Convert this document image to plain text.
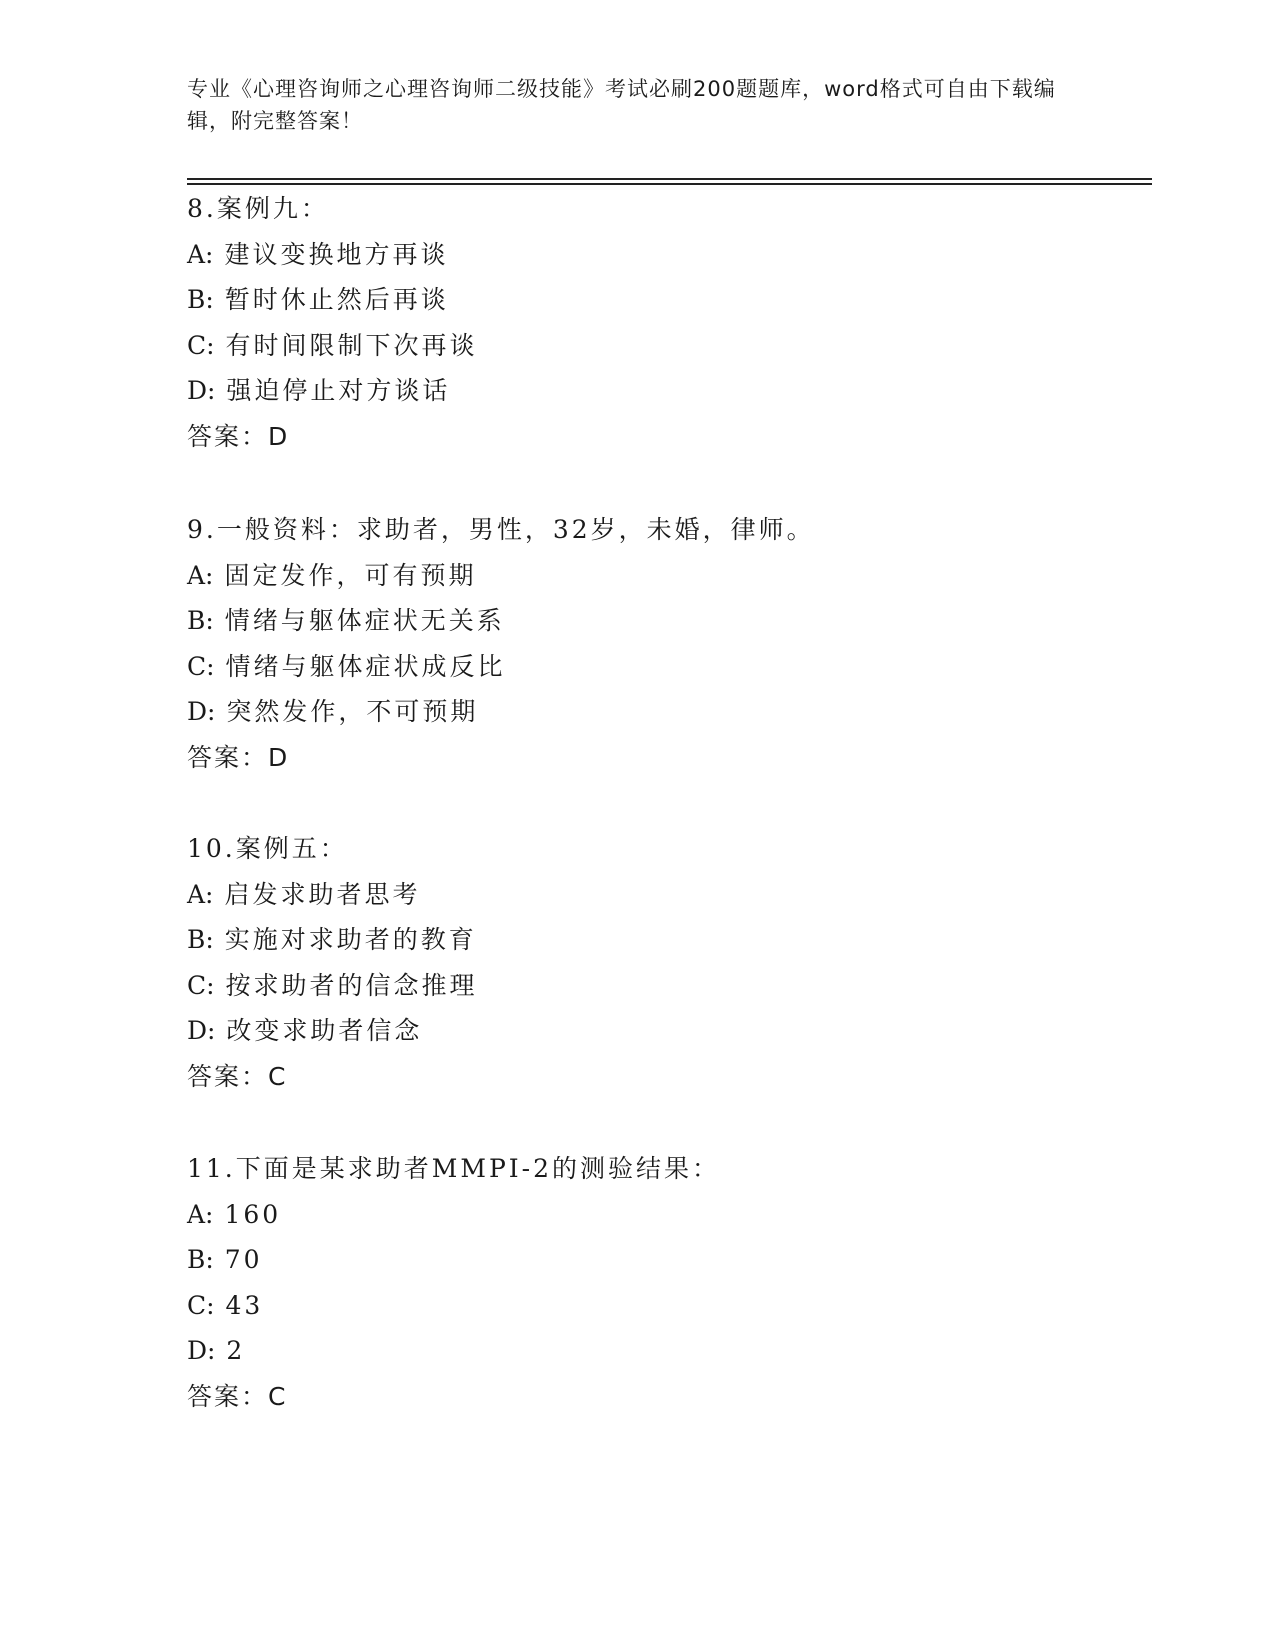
专业《心理咨询师之心理咨询师二级技能》考试必刷200题题库，word格式可自由下载编辑，附完整答案！
8.案例九：
A: 建议变换地方再谈
B: 暂时休止然后再谈
C: 有时间限制下次再谈
D: 强迫停止对方谈话
答案：D
9.一般资料：求助者，男性，32岁，未婚，律师。
A: 固定发作，可有预期
B: 情绪与躯体症状无关系
C: 情绪与躯体症状成反比
D: 突然发作，不可预期
答案：D
10.案例五：
A: 启发求助者思考
B: 实施对求助者的教育
C: 按求助者的信念推理
D: 改变求助者信念
答案：C
11.下面是某求助者MMPI-2的测验结果：
A: 160
B: 70
C: 43
D: 2
答案：C
